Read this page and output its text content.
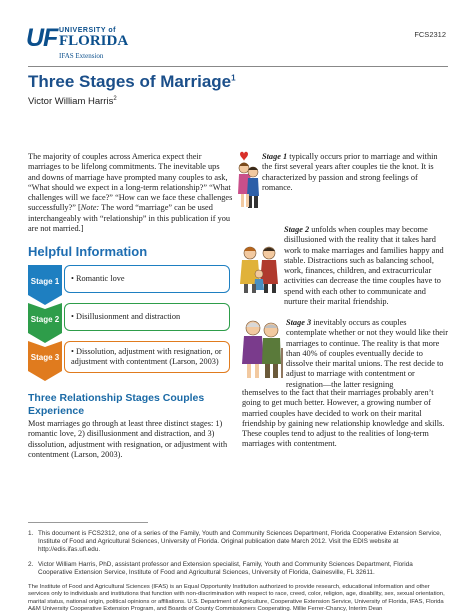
UF UNIVERSITY of
FLORIDA
IFAS Extension
FCS2312
Three Stages of Marriage$^1$
Victor William Harris$^2$
The majority of couples across America expect their marriages to be lifelong commitments. The inevitable ups and downs of marriage have prompted many couples to ask, “What should we expect in a long-term relationship?” “What challenges will we face?” “How can we face these challenges successfully?” [Note: The word “marriage” can be used interchangeably with “relationship” in this publication if you are not married.]
Helpful Information
Stage 1	• Romantic love
Stage 2	• Disillusionment and distraction
Stage 3
• Dissolution, adjustment with resignation, or adjustment with contentment (Larson, 2003)
Three Relationship Stages Couples Experience
Most marriages go through at least three distinct stages: 1) romantic love, 2) disillusionment and distraction, and 3) dissolution, adjustment with resignation, or adjustment with contentment (Larson, 2003).
Stage 1 typically occurs prior to marriage and within the first several years after couples tie the knot. It is characterized by passion and strong feelings of romance.
Stage 2 unfolds when couples may become disillusioned with the reality that it takes hard work to make marriages and families happy and stable. Distractions such as balancing school, work, finances, children, and extracurricular activities can decrease the time couples have to spend with each other to communicate and nurture their marital friendship.
Stage 3 inevitably occurs as couples contemplate whether or not they would like their marriages to continue. The reality is that more than 40% of couples eventually decide to dissolve their marital unions. The rest decide to adjust to marriage with contentment or resignation—the latter resigning
themselves to the fact that their marriages probably aren’t going to get much better. However, a growing number of married couples have decided to work on their marital friendship by gaining new relationship knowledge and skills. These couples tend to adjust to the realities of long-term marriages with contentment.
1. This document is FCS2312, one of a series of the Family, Youth and Community Sciences Department, Florida Cooperative Extension Service, Institute of Food and Agricultural Sciences, University of Florida. Original publication date March 2012. Visit the EDIS website at http://edis.ifas.ufl.edu.
2. Victor William Harris, PhD, assistant professor and Extension specialist, Family, Youth and Community Sciences Department, Florida Cooperative Extension Service, Institute of Food and Agricultural Sciences, University of Florida, Gainesville, FL 32611.
The Institute of Food and Agricultural Sciences (IFAS) is an Equal Opportunity Institution authorized to provide research, educational information and other services only to individuals and institutions that function with non-discrimination with respect to race, creed, color, religion, age, disability, sex, sexual orientation, marital status, national origin, political opinions or affiliations. U.S. Department of Agriculture, Cooperative Extension Service, University of Florida, IFAS, Florida A&M University Cooperative Extension Program, and Boards of County Commissioners Cooperating. Millie Ferrer-Chancy, Interim Dean
